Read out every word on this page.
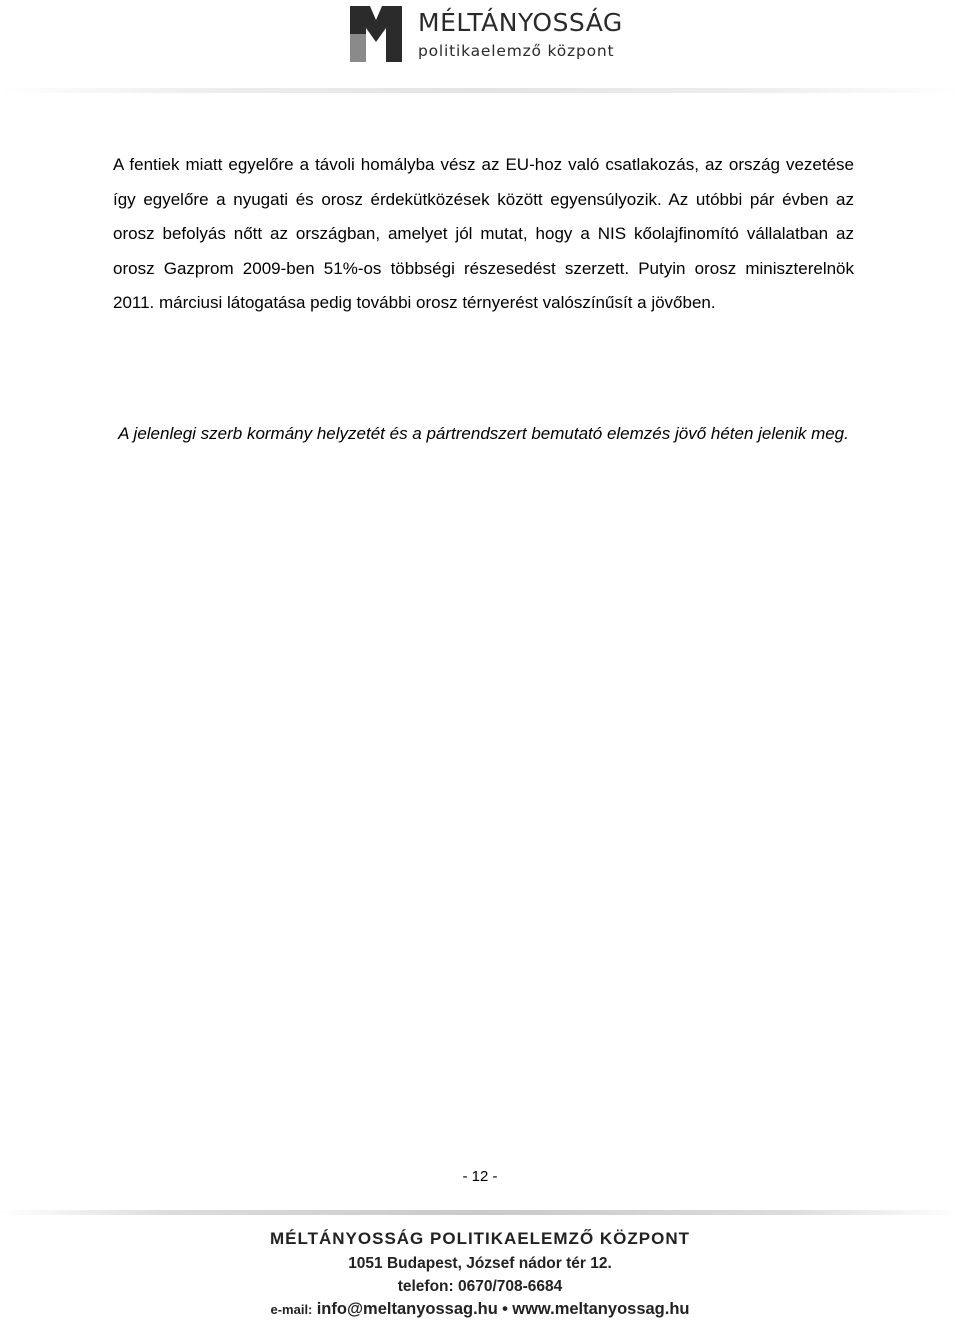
MÉLTÁNYOSSÁG
politikaelemző központ

A fentiek miatt egyelőre a távoli homályba vész az EU-hoz való csatlakozás, az ország vezetése így egyelőre a nyugati és orosz érdekütközések között egyensúlyozik. Az utóbbi pár évben az orosz befolyás nőtt az országban, amelyet jól mutat, hogy a NIS kőolajfinomító vállalatban az orosz Gazprom 2009-ben 51%-os többségi részesedést szerzett. Putyin orosz miniszterelnök 2011. márciusi látogatása pedig további orosz térnyerést valószínűsít a jövőben.

A jelenlegi szerb kormány helyzetét és a pártrendszert bemutató elemzés jövő héten jelenik meg.

- 12 -
MÉLTÁNYOSSÁG POLITIKAELEMZŐ KÖZPONT
1051 Budapest, József nádor tér 12.
telefon: 0670/708-6684
e-mail: info@meltanyossag.hu • www.meltanyossag.hu
